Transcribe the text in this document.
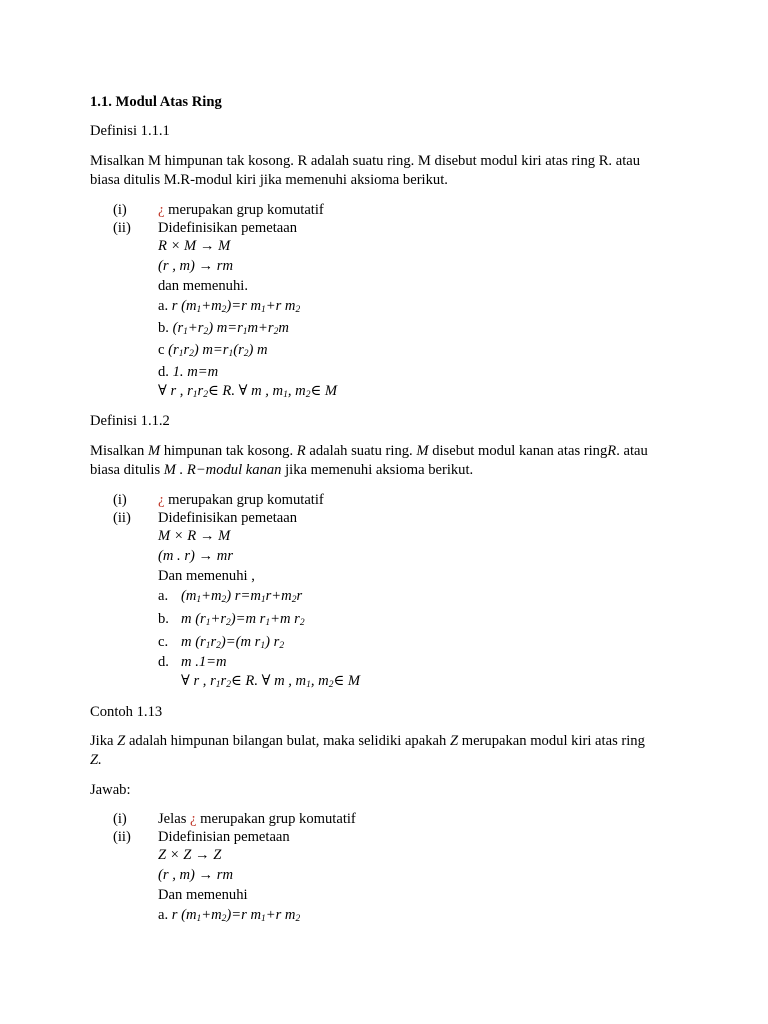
1.1. Modul Atas Ring
Definisi 1.1.1
Misalkan M himpunan tak kosong. R adalah suatu ring. M disebut modul kiri atas ring R. atau
biasa ditulis M.R-modul kiri jika memenuhi aksioma berikut.
(i) ¿ merupakan grup komutatif
(ii) Didefinisikan pemetaan
R × M → M
(r , m) → rm
dan memenuhi.
a. r $(m_1+m_2)=r$ $m_1+r$ $m_2$
b. $(r_1+r_2)$ $m=r_1m+r_2m$
c $(r_1r_2)$ $m=r_1(r_2)$ m
d. 1. m=m
∀ r , $r_1r_2\in$ R. ∀ m , $m_1$, $m_2\in$ M
Definisi 1.1.2
Misalkan M himpunan tak kosong. R adalah suatu ring. M disebut modul kanan atas ringR. atau
biasa ditulis M . R−modul kanan jika memenuhi aksioma berikut.
(i) ¿ merupakan grup komutatif
(ii) Didefinisikan pemetaan
M × R → M
(m . r) → mr
Dan memenuhi ,
a. $(m_1+m_2)$ $r=m_1r+m_2r$
b. m $(r_1+r_2)=m$ $r_1+m$ $r_2$
c. m $(r_1r_2)=(m$ $r_1$) $r_2$
d. m .1=m
∀ r , $r_1r_2\in$ R. ∀ m , $m_1$, $m_2\in$ M
Contoh 1.13
Jika Z adalah himpunan bilangan bulat, maka selidiki apakah Z merupakan modul kiri atas ring
Z.
Jawab:
(i) Jelas ¿ merupakan grup komutatif
(ii) Didefinisian pemetaan
Z × Z → Z
(r , m) → rm
Dan memenuhi
a. r $(m_1+m_2)=r$ $m_1+r$ $m_2$
